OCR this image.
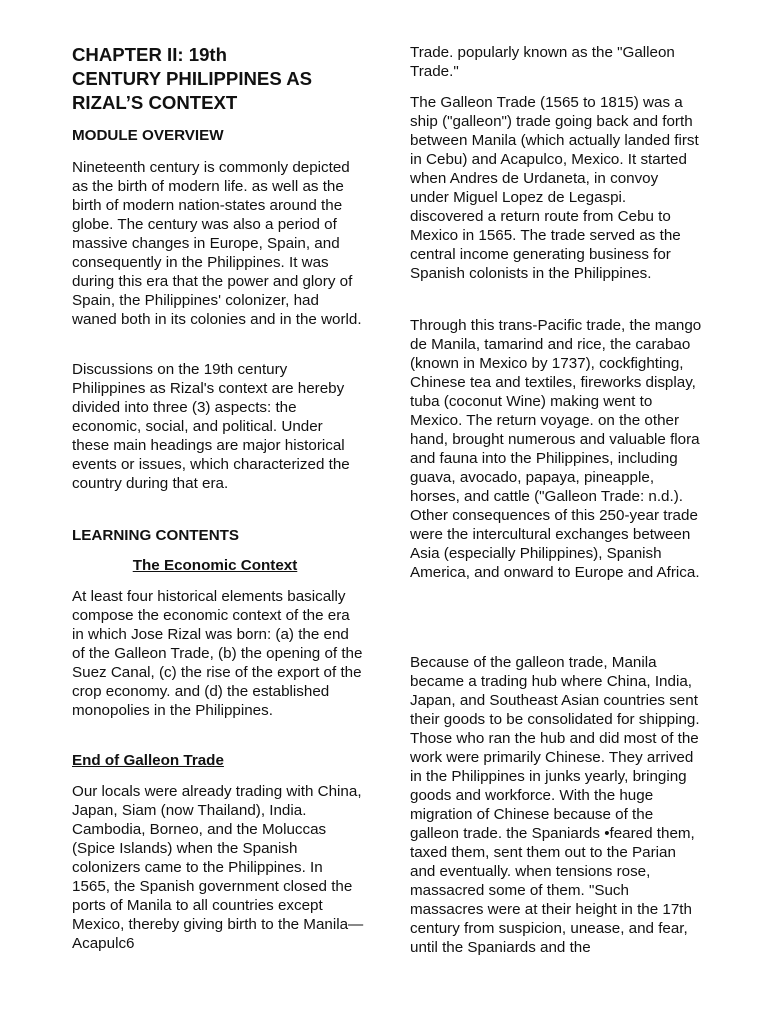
CHAPTER II: 19th
CENTURY PHILIPPINES AS
RIZAL’S CONTEXT

MODULE OVERVIEW

Nineteenth century is commonly depicted as the birth of modern life. as well as the birth of modern nation-states around the globe. The century was also a period of massive changes in Europe, Spain, and consequently in the Philippines. It was during this era that the power and glory of Spain, the Philippines' colonizer, had waned both in its colonies and in the world.

Discussions on the 19th century Philippines as Rizal's context are hereby divided into three (3) aspects: the economic, social, and political. Under these main headings are major historical events or issues, which characterized the country during that era.

LEARNING CONTENTS

The Economic Context

At least four historical elements basically compose the economic context of the era in which Jose Rizal was born: (a) the end of the Galleon Trade, (b) the opening of the Suez Canal, (c) the rise of the export of the crop economy. and (d) the established monopolies in the Philippines.

End of Galleon Trade

Our locals were already trading with China, Japan, Siam (now Thailand), India. Cambodia, Borneo, and the Moluccas (Spice Islands) when the Spanish colonizers came to the Philippines. In 1565, the Spanish government closed the ports of Manila to all countries except Mexico, thereby giving birth to the Manila—Acapulc6

Trade. popularly known as the "Galleon Trade."

The Galleon Trade (1565 to 1815) was a ship ("galleon") trade going back and forth between Manila (which actually landed first in Cebu) and Acapulco, Mexico. It started when Andres de Urdaneta, in convoy under Miguel Lopez de Legaspi. discovered a return route from Cebu to Mexico in 1565. The trade served as the central income generating business for Spanish colonists in the Philippines.

Through this trans-Pacific trade, the mango de Manila, tamarind and rice, the carabao (known in Mexico by 1737), cockfighting, Chinese tea and textiles, fireworks display, tuba (coconut Wine) making went to Mexico. The return voyage. on the other hand, brought numerous and valuable flora and fauna into the Philippines, including guava, avocado, papaya, pineapple, horses, and cattle ("Galleon Trade: n.d.). Other consequences of this 250-year trade were the intercultural exchanges between Asia (especially Philippines), Spanish America, and onward to Europe and Africa.

Because of the galleon trade, Manila became a trading hub where China, India, Japan, and Southeast Asian countries sent their goods to be consolidated for shipping. Those who ran the hub and did most of the work were primarily Chinese. They arrived in the Philippines in junks yearly, bringing goods and workforce. With the huge migration of Chinese because of the galleon trade. the Spaniards •feared them, taxed them, sent them out to the Parian and eventually. when tensions rose, massacred some of them. "Such massacres were at their height in the 17th century from suspicion, unease, and fear, until the Spaniards and the
